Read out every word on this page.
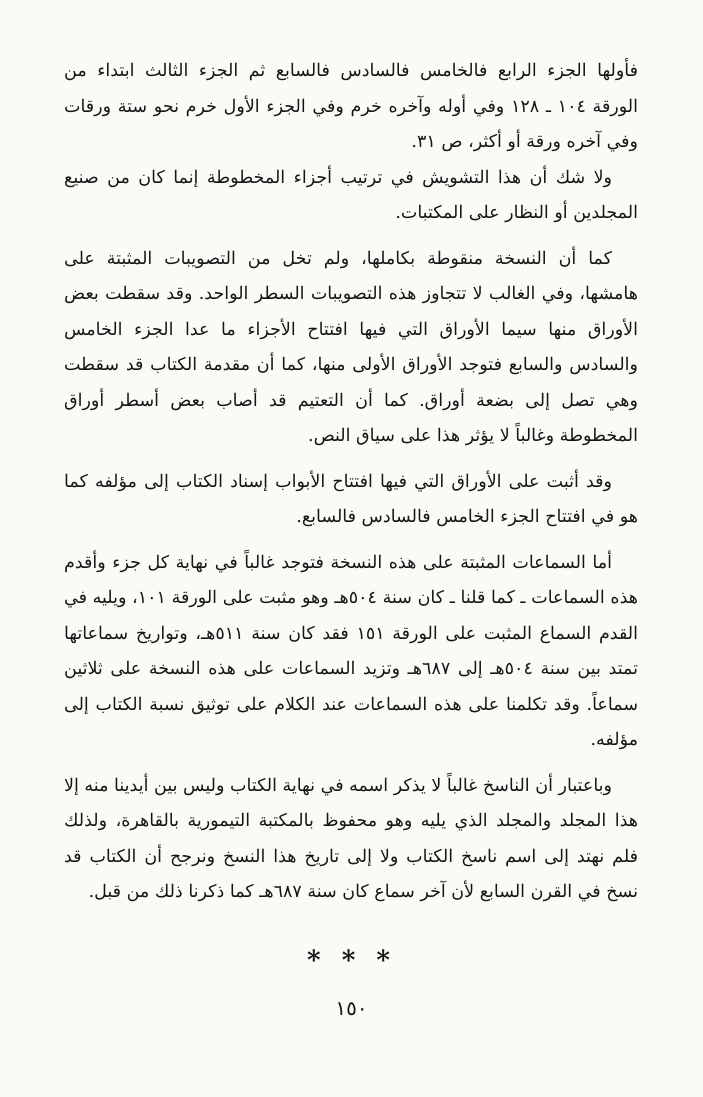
فأولها الجزء الرابع فالخامس فالسادس فالسابع ثم الجزء الثالث ابتداء من الورقة ١٠٤ ـ ١٢٨ وفي أوله وآخره خرم وفي الجزء الأول خرم نحو ستة ورقات وفي آخره ورقة أو أكثر، ص ٣١.

ولا شك أن هذا التشويش في ترتيب أجزاء المخطوطة إنما كان من صنيع المجلدين أو النظار على المكتبات.

كما أن النسخة منقوطة بكاملها، ولم تخل من التصويبات المثبتة على هامشها، وفي الغالب لا تتجاوز هذه التصويبات السطر الواحد. وقد سقطت بعض الأوراق منها سيما الأوراق التي فيها افتتاح الأجزاء ما عدا الجزء الخامس والسادس والسابع فتوجد الأوراق الأولى منها، كما أن مقدمة الكتاب قد سقطت وهي تصل إلى بضعة أوراق. كما أن التعتيم قد أصاب بعض أسطر أوراق المخطوطة وغالباً لا يؤثر هذا على سياق النص.

وقد أثبت على الأوراق التي فيها افتتاح الأبواب إسناد الكتاب إلى مؤلفه كما هو في افتتاح الجزء الخامس فالسادس فالسابع.

أما السماعات المثبتة على هذه النسخة فتوجد غالباً في نهاية كل جزء وأقدم هذه السماعات ـ كما قلنا ـ كان سنة ٥٠٤هـ وهو مثبت على الورقة ١٠١، ويليه في القدم السماع المثبت على الورقة ١٥١ فقد كان سنة ٥١١هـ، وتواريخ سماعاتها تمتد بين سنة ٥٠٤هـ إلى ٦٨٧هـ وتزيد السماعات على هذه النسخة على ثلاثين سماعاً. وقد تكلمنا على هذه السماعات عند الكلام على توثيق نسبة الكتاب إلى مؤلفه.

وباعتبار أن الناسخ غالباً لا يذكر اسمه في نهاية الكتاب وليس بين أيدينا منه إلا هذا المجلد والمجلد الذي يليه وهو محفوظ بالمكتبة التيمورية بالقاهرة، ولذلك فلم نهتد إلى اسم ناسخ الكتاب ولا إلى تاريخ هذا النسخ ونرجح أن الكتاب قد نسخ في القرن السابع لأن آخر سماع كان سنة ٦٨٧هـ كما ذكرنا ذلك من قبل.

* * *
١٥٠
